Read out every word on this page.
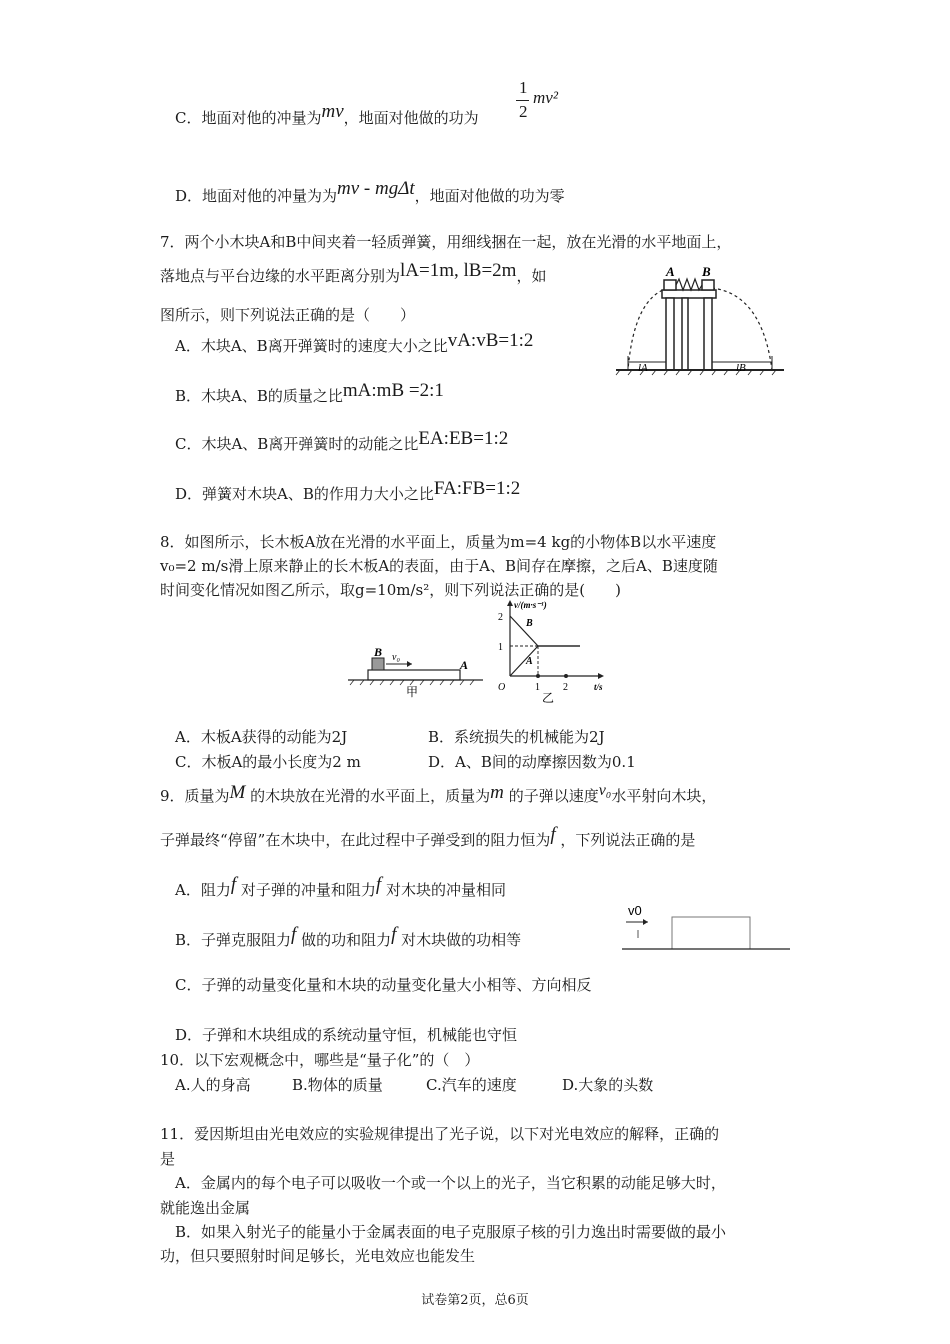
C．地面对他的冲量为mv，地面对他做的功为
1
2
mv²
D．地面对他的冲量为为mv - mgΔt，地面对他做的功为零
7．两个小木块A和B中间夹着一轻质弹簧，用细线捆在一起，放在光滑的水平地面上，
落地点与平台边缘的水平距离分别为lA=1m, lB=2m，如
图所示，则下列说法正确的是（　　）
A．木块A、B离开弹簧时的速度大小之比vA:vB=1:2
B．木块A、B的质量之比mA:mB =2:1
C．木块A、B离开弹簧时的动能之比EA:EB=1:2
D．弹簧对木块A、B的作用力大小之比FA:FB=1:2
A B
lA	lB
8．如图所示，长木板A放在光滑的水平面上，质量为m=4 kg的小物体B以水平速度
v₀=2 m/s滑上原来静止的长木板A的表面，由于A、B间存在摩擦，之后A、B速度随
时间变化情况如图乙所示，取g=10m/s²，则下列说法正确的是(　　)
B v₀
A
甲
v/(m·s⁻¹)
t/s
O
2
1
1 2
B
A
乙
A．木板A获得的动能为2J	B．系统损失的机械能为2J
C．木板A的最小长度为2 m	D．A、B间的动摩擦因数为0.1
9．质量为M 的木块放在光滑的水平面上，质量为m 的子弹以速度v₀水平射向木块，
子弹最终“停留”在木块中，在此过程中子弹受到的阻力恒为f ，下列说法正确的是
A．阻力f 对子弹的冲量和阻力f 对木块的冲量相同
B．子弹克服阻力f 做的功和阻力f 对木块做的功相等
C．子弹的动量变化量和木块的动量变化量大小相等、方向相反
D．子弹和木块组成的系统动量守恒，机械能也守恒
v0
10．以下宏观概念中，哪些是“量子化”的（　）
A.人的身高	B.物体的质量	C.汽车的速度	D.大象的头数
11．爱因斯坦由光电效应的实验规律提出了光子说，以下对光电效应的解释，正确的
是
A．金属内的每个电子可以吸收一个或一个以上的光子，当它积累的动能足够大时，
就能逸出金属
B．如果入射光子的能量小于金属表面的电子克服原子核的引力逸出时需要做的最小
功，但只要照射时间足够长，光电效应也能发生
试卷第2页，总6页
